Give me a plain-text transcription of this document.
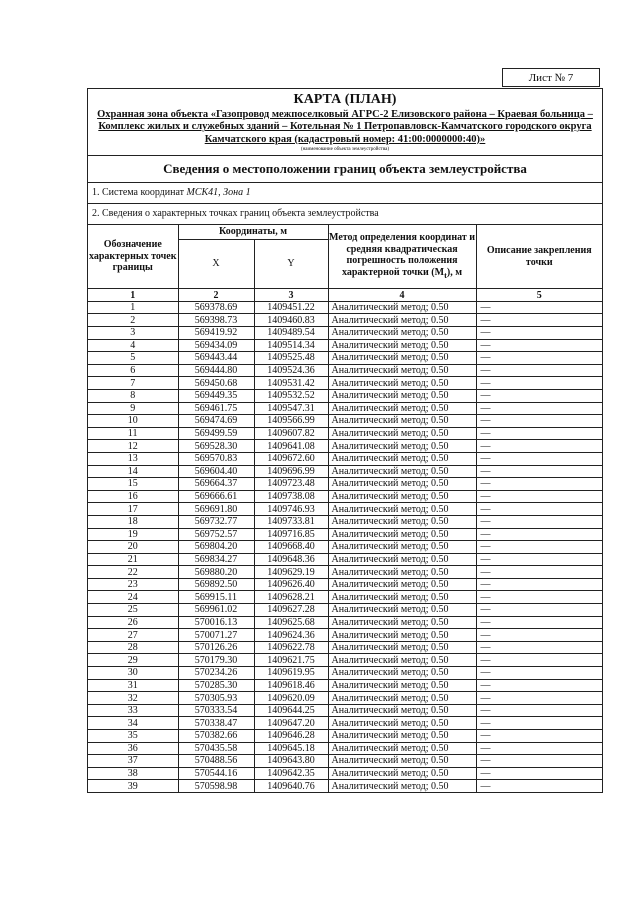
Лист № 7
КАРТА (ПЛАН)
Охранная зона объекта «Газопровод межпоселковый АГРС-2 Елизовского района – Краевая больница – Комплекс жилых и служебных зданий – Котельная № 1 Петропавловск-Камчатского городского округа Камчатского края (кадастровый номер: 41:00:0000000:40)»
(наименование объекта землеустройства)
Сведения о местоположении границ объекта землеустройства
1. Система координат МСК41, Зона 1
2. Сведения о характерных точках границ объекта землеустройства
Обозначение характерных точек границы	Координаты, м		Метод определения координат и средняя квадратическая погрешность положения характерной точки $(M_t)$, м	Описание закрепления точки
	X	Y		
1	2	3	4	5
1	569378.69	1409451.22	Аналитический метод; 0.50	—
2	569398.73	1409460.83	Аналитический метод; 0.50	—
3	569419.92	1409489.54	Аналитический метод; 0.50	—
4	569434.09	1409514.34	Аналитический метод; 0.50	—
5	569443.44	1409525.48	Аналитический метод; 0.50	—
6	569444.80	1409524.36	Аналитический метод; 0.50	—
7	569450.68	1409531.42	Аналитический метод; 0.50	—
8	569449.35	1409532.52	Аналитический метод; 0.50	—
9	569461.75	1409547.31	Аналитический метод; 0.50	—
10	569474.69	1409566.99	Аналитический метод; 0.50	—
11	569499.59	1409607.82	Аналитический метод; 0.50	—
12	569528.30	1409641.08	Аналитический метод; 0.50	—
13	569570.83	1409672.60	Аналитический метод; 0.50	—
14	569604.40	1409696.99	Аналитический метод; 0.50	—
15	569664.37	1409723.48	Аналитический метод; 0.50	—
16	569666.61	1409738.08	Аналитический метод; 0.50	—
17	569691.80	1409746.93	Аналитический метод; 0.50	—
18	569732.77	1409733.81	Аналитический метод; 0.50	—
19	569752.57	1409716.85	Аналитический метод; 0.50	—
20	569804.20	1409668.40	Аналитический метод; 0.50	—
21	569834.27	1409648.36	Аналитический метод; 0.50	—
22	569880.20	1409629.19	Аналитический метод; 0.50	—
23	569892.50	1409626.40	Аналитический метод; 0.50	—
24	569915.11	1409628.21	Аналитический метод; 0.50	—
25	569961.02	1409627.28	Аналитический метод; 0.50	—
26	570016.13	1409625.68	Аналитический метод; 0.50	—
27	570071.27	1409624.36	Аналитический метод; 0.50	—
28	570126.26	1409622.78	Аналитический метод; 0.50	—
29	570179.30	1409621.75	Аналитический метод; 0.50	—
30	570234.26	1409619.95	Аналитический метод; 0.50	—
31	570285.30	1409618.46	Аналитический метод; 0.50	—
32	570305.93	1409620.09	Аналитический метод; 0.50	—
33	570333.54	1409644.25	Аналитический метод; 0.50	—
34	570338.47	1409647.20	Аналитический метод; 0.50	—
35	570382.66	1409646.28	Аналитический метод; 0.50	—
36	570435.58	1409645.18	Аналитический метод; 0.50	—
37	570488.56	1409643.80	Аналитический метод; 0.50	—
38	570544.16	1409642.35	Аналитический метод; 0.50	—
39	570598.98	1409640.76	Аналитический метод; 0.50	—
